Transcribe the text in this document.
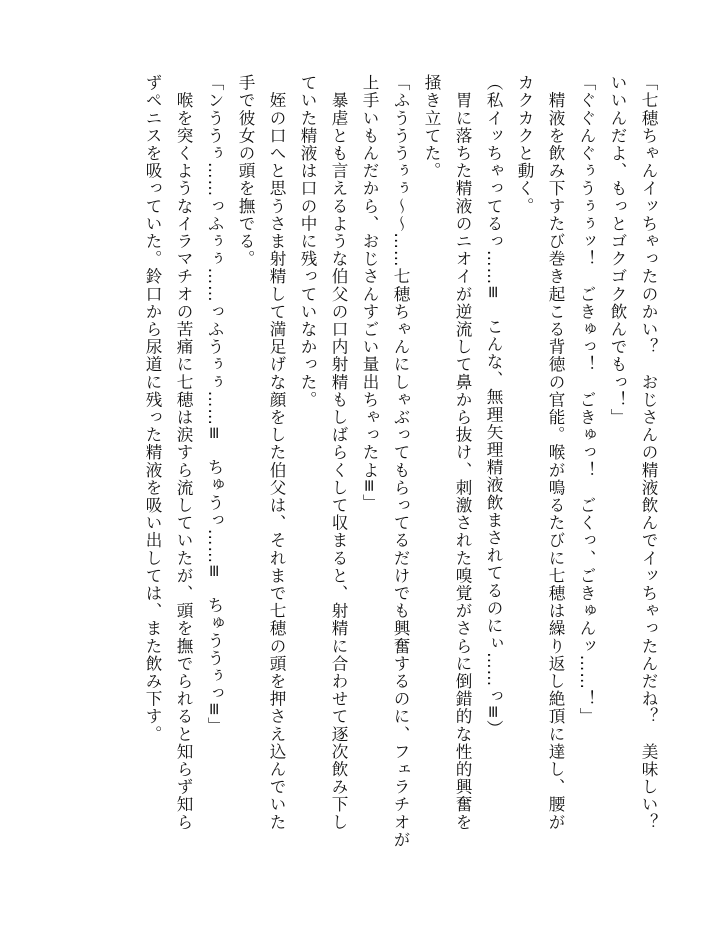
「七穂ちゃんイッちゃったのかい？　おじさんの精液飲んでイッちゃったんだね？　美味しい？
いいんだよ、もっとゴクゴク飲んでもっ！」
「ぐぐんぐぅうぅぅッ！　ごきゅっ！　ごきゅっ！　ごくっ、ごきゅんッ……！」
　精液を飲み下すたび巻き起こる背徳の官能。喉が鳴るたびに七穂は繰り返し絶頂に達し、腰が
カクカクと動く。
（私イッちゃってるっ……≡　こんな、無理矢理精液飲まされてるのにぃ……っ≡）
　胃に落ちた精液のニオイが逆流して鼻から抜け、刺激された嗅覚がさらに倒錯的な性的興奮を
掻き立てた。
「ふうううぅぅ～～……七穂ちゃんにしゃぶってもらってるだけでも興奮するのに、フェラチオが
上手いもんだから、おじさんすごい量出ちゃったよ≡」
　暴虐とも言えるような伯父の口内射精もしばらくして収まると、射精に合わせて逐次飲み下し
ていた精液は口の中に残っていなかった。
　姪の口へと思うさま射精して満足げな顔をした伯父は、それまで七穂の頭を押さえ込んでいた
手で彼女の頭を撫でる。
「ンううぅ……っふぅぅ……っふうぅぅ……≡　ちゅうっ……≡　ちゅううぅっ≡」
　喉を突くようなイラマチオの苦痛に七穂は涙すら流していたが、頭を撫でられると知らず知ら
ずペニスを吸っていた。鈴口から尿道に残った精液を吸い出しては、また飲み下す。
